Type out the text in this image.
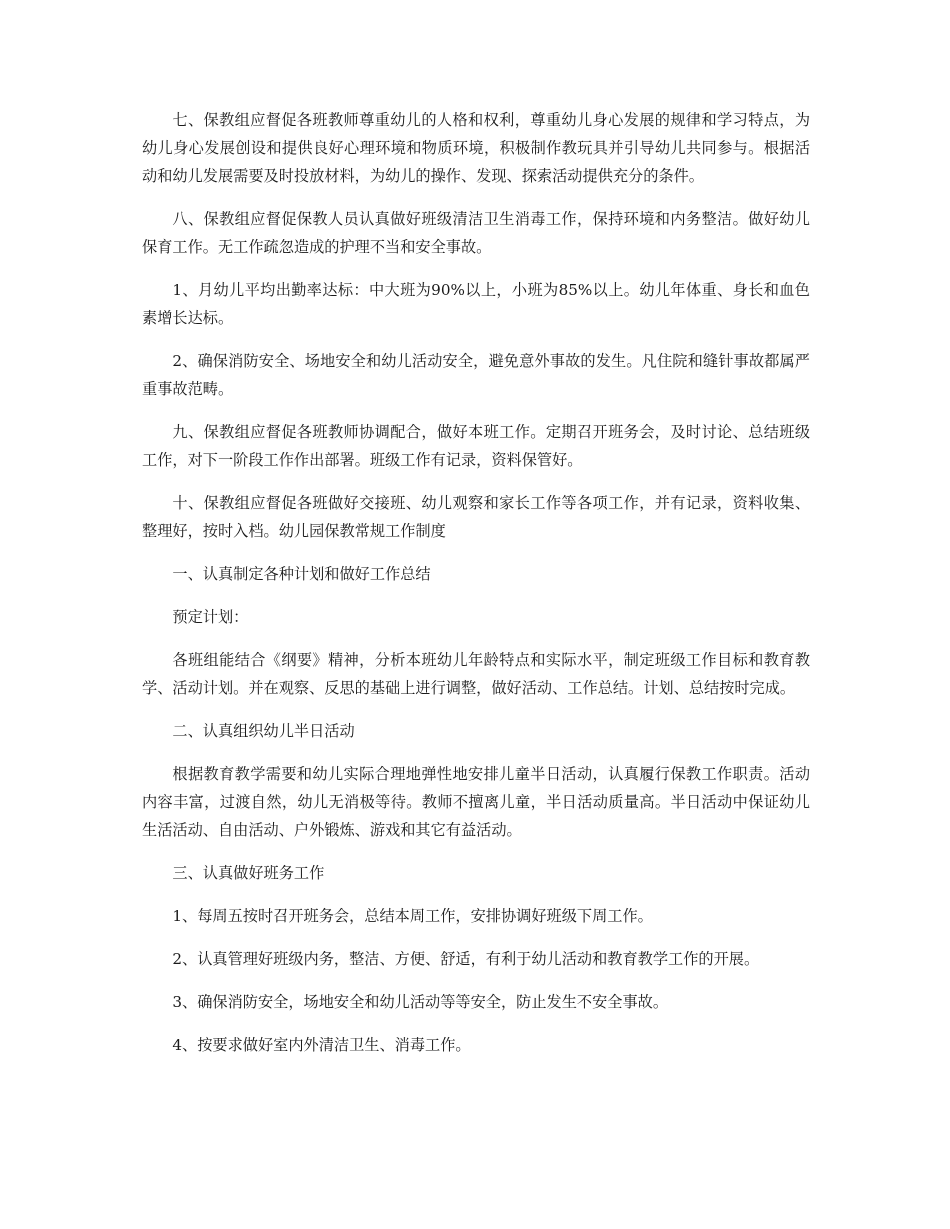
七、保教组应督促各班教师尊重幼儿的人格和权利，尊重幼儿身心发展的规律和学习特点，为幼儿身心发展创设和提供良好心理环境和物质环境，积极制作教玩具并引导幼儿共同参与。根据活动和幼儿发展需要及时投放材料，为幼儿的操作、发现、探索活动提供充分的条件。

八、保教组应督促保教人员认真做好班级清洁卫生消毒工作，保持环境和内务整洁。做好幼儿保育工作。无工作疏忽造成的护理不当和安全事故。

1、月幼儿平均出勤率达标：中大班为90%以上，小班为85%以上。幼儿年体重、身长和血色素增长达标。

2、确保消防安全、场地安全和幼儿活动安全，避免意外事故的发生。凡住院和缝针事故都属严重事故范畴。

九、保教组应督促各班教师协调配合，做好本班工作。定期召开班务会，及时讨论、总结班级工作，对下一阶段工作作出部署。班级工作有记录，资料保管好。

十、保教组应督促各班做好交接班、幼儿观察和家长工作等各项工作，并有记录，资料收集、整理好，按时入档。幼儿园保教常规工作制度

一、认真制定各种计划和做好工作总结

预定计划：

各班组能结合《纲要》精神，分析本班幼儿年龄特点和实际水平，制定班级工作目标和教育教学、活动计划。并在观察、反思的基础上进行调整，做好活动、工作总结。计划、总结按时完成。

二、认真组织幼儿半日活动

根据教育教学需要和幼儿实际合理地弹性地安排儿童半日活动，认真履行保教工作职责。活动内容丰富，过渡自然，幼儿无消极等待。教师不擅离儿童，半日活动质量高。半日活动中保证幼儿生活活动、自由活动、户外锻炼、游戏和其它有益活动。

三、认真做好班务工作

1、每周五按时召开班务会，总结本周工作，安排协调好班级下周工作。

2、认真管理好班级内务，整洁、方便、舒适，有利于幼儿活动和教育教学工作的开展。

3、确保消防安全，场地安全和幼儿活动等等安全，防止发生不安全事故。

4、按要求做好室内外清洁卫生、消毒工作。
